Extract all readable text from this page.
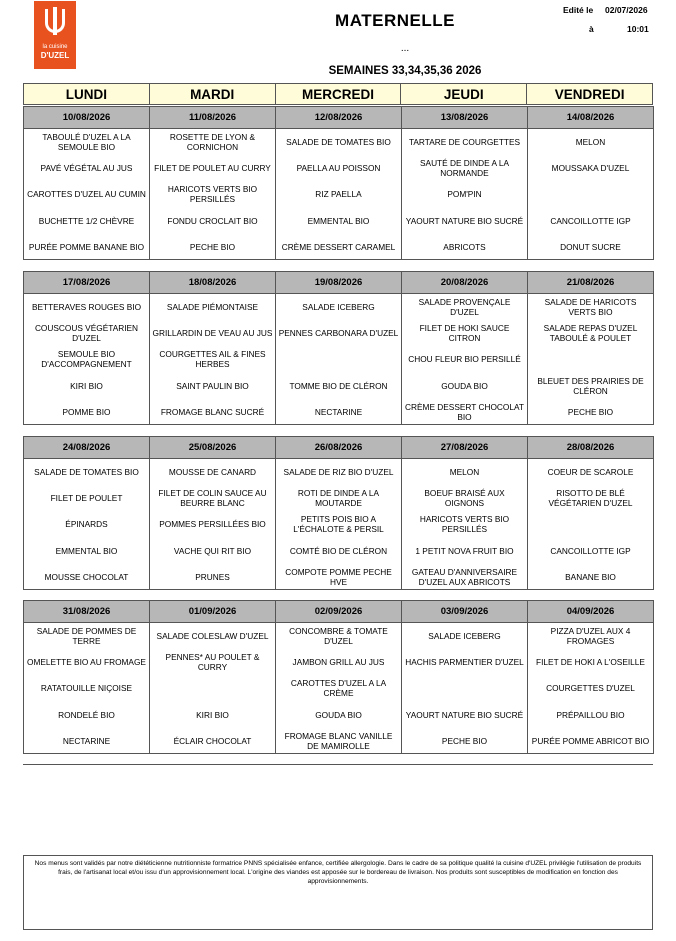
la cuisine
D'UZEL
MATERNELLE
...
SEMAINES 33,34,35,36 2026
Edité le 02/07/2026
à	10:01
LUNDI	MARDI	MERCREDI	JEUDI	VENDREDI
10/08/2026	11/08/2026	12/08/2026	13/08/2026	14/08/2026
TABOULÉ D'UZEL A LA SEMOULE BIO	ROSETTE DE LYON & CORNICHON	SALADE DE TOMATES BIO	TARTARE DE COURGETTES	MELON
PAVÉ VÉGÉTAL AU JUS	FILET DE POULET AU CURRY	PAELLA AU POISSON	SAUTÉ DE DINDE A LA NORMANDE	MOUSSAKA D'UZEL
CAROTTES D'UZEL AU CUMIN	HARICOTS VERTS BIO PERSILLÉS	RIZ PAELLA	POM'PIN	
BUCHETTE 1/2 CHÈVRE	FONDU CROCLAIT BIO	EMMENTAL BIO	YAOURT NATURE BIO SUCRÉ	CANCOILLOTTE IGP
PURÉE POMME BANANE BIO	PECHE BIO	CRÈME DESSERT CARAMEL	ABRICOTS	DONUT SUCRE
17/08/2026	18/08/2026	19/08/2026	20/08/2026	21/08/2026
BETTERAVES ROUGES BIO	SALADE PIÉMONTAISE	SALADE ICEBERG	SALADE PROVENÇALE D'UZEL	SALADE DE HARICOTS VERTS BIO
COUSCOUS VÉGÉTARIEN D'UZEL	GRILLARDIN DE VEAU AU JUS	PENNES CARBONARA D'UZEL	FILET DE HOKI SAUCE CITRON	SALADE REPAS D'UZEL TABOULÉ & POULET
SEMOULE BIO D'ACCOMPAGNEMENT	COURGETTES AIL & FINES HERBES		CHOU FLEUR BIO PERSILLÉ	
KIRI BIO	SAINT PAULIN BIO	TOMME BIO DE CLÉRON	GOUDA BIO	BLEUET DES PRAIRIES DE CLÉRON
POMME BIO	FROMAGE BLANC SUCRÉ	NECTARINE	CRÈME DESSERT CHOCOLAT BIO	PECHE BIO
24/08/2026	25/08/2026	26/08/2026	27/08/2026	28/08/2026
SALADE DE TOMATES BIO	MOUSSE DE CANARD	SALADE DE RIZ BIO D'UZEL	MELON	COEUR DE SCAROLE
FILET DE POULET	FILET DE COLIN SAUCE AU BEURRE BLANC	ROTI DE DINDE A LA MOUTARDE	BOEUF BRAISÉ AUX OIGNONS	RISOTTO DE BLÉ VÉGÉTARIEN D'UZEL
ÉPINARDS	POMMES PERSILLÉES BIO	PETITS POIS BIO A L'ÉCHALOTE & PERSIL	HARICOTS VERTS BIO PERSILLÉS	
EMMENTAL BIO	VACHE QUI RIT BIO	COMTÉ BIO DE CLÉRON	1 PETIT NOVA FRUIT BIO	CANCOILLOTTE IGP
MOUSSE CHOCOLAT	PRUNES	COMPOTE POMME PECHE HVE	GATEAU D'ANNIVERSAIRE D'UZEL AUX ABRICOTS	BANANE BIO
31/08/2026	01/09/2026	02/09/2026	03/09/2026	04/09/2026
SALADE DE POMMES DE TERRE	SALADE COLESLAW D'UZEL	CONCOMBRE & TOMATE D'UZEL	SALADE ICEBERG	PIZZA D'UZEL AUX 4 FROMAGES
OMELETTE BIO AU FROMAGE	PENNES* AU POULET & CURRY	JAMBON GRILL AU JUS	HACHIS PARMENTIER D'UZEL	FILET DE HOKI A L'OSEILLE
RATATOUILLE NIÇOISE		CAROTTES D'UZEL A LA CRÈME		COURGETTES D'UZEL
RONDELÉ BIO	KIRI BIO	GOUDA BIO	YAOURT NATURE BIO SUCRÉ	PRÉPAILLOU BIO
NECTARINE	ÉCLAIR CHOCOLAT	FROMAGE BLANC VANILLE DE MAMIROLLE	PECHE BIO	PURÉE POMME ABRICOT BIO
Nos menus sont validés par notre diététicienne nutritionniste formatrice PNNS spécialisée enfance, certifiée allergologie. Dans le cadre de sa politique qualité la cuisine d'UZEL privilégie l'utilisation de produits frais, de l'artisanat local et/ou issu d'un approvisionnement local. L'origine des viandes est apposée sur le bordereau de livraison. Nos produits sont susceptibles de modification en fonction des approvisionnements.
